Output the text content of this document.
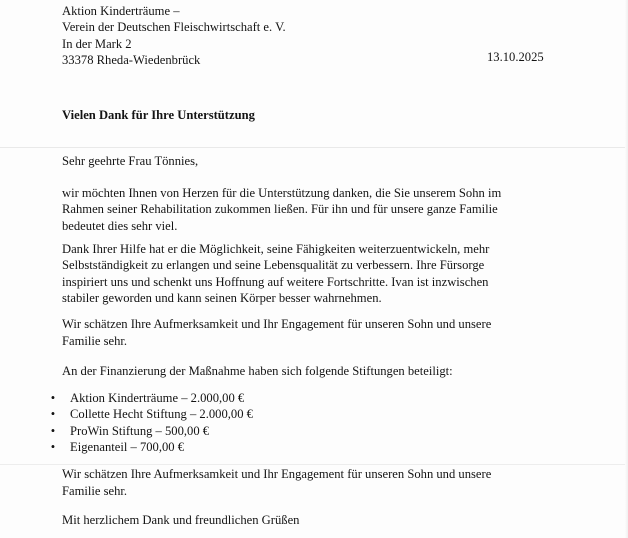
Aktion Kinderträume –
Verein der Deutschen Fleischwirtschaft e. V.
In der Mark 2
33378 Rheda-Wiedenbrück	13.10.2025
Vielen Dank für Ihre Unterstützung
Sehr geehrte Frau Tönnies,
wir möchten Ihnen von Herzen für die Unterstützung danken, die Sie unserem Sohn im
Rahmen seiner Rehabilitation zukommen ließen. Für ihn und für unsere ganze Familie
bedeutet dies sehr viel.
Dank Ihrer Hilfe hat er die Möglichkeit, seine Fähigkeiten weiterzuentwickeln, mehr
Selbstständigkeit zu erlangen und seine Lebensqualität zu verbessern. Ihre Fürsorge
inspiriert uns und schenkt uns Hoffnung auf weitere Fortschritte. Ivan ist inzwischen
stabiler geworden und kann seinen Körper besser wahrnehmen.
Wir schätzen Ihre Aufmerksamkeit und Ihr Engagement für unseren Sohn und unsere
Familie sehr.
An der Finanzierung der Maßnahme haben sich folgende Stiftungen beteiligt:
• Aktion Kinderträume – 2.000,00 €
• Collette Hecht Stiftung – 2.000,00 €
• ProWin Stiftung – 500,00 €
• Eigenanteil – 700,00 €
Wir schätzen Ihre Aufmerksamkeit und Ihr Engagement für unseren Sohn und unsere
Familie sehr.
Mit herzlichem Dank und freundlichen Grüßen
